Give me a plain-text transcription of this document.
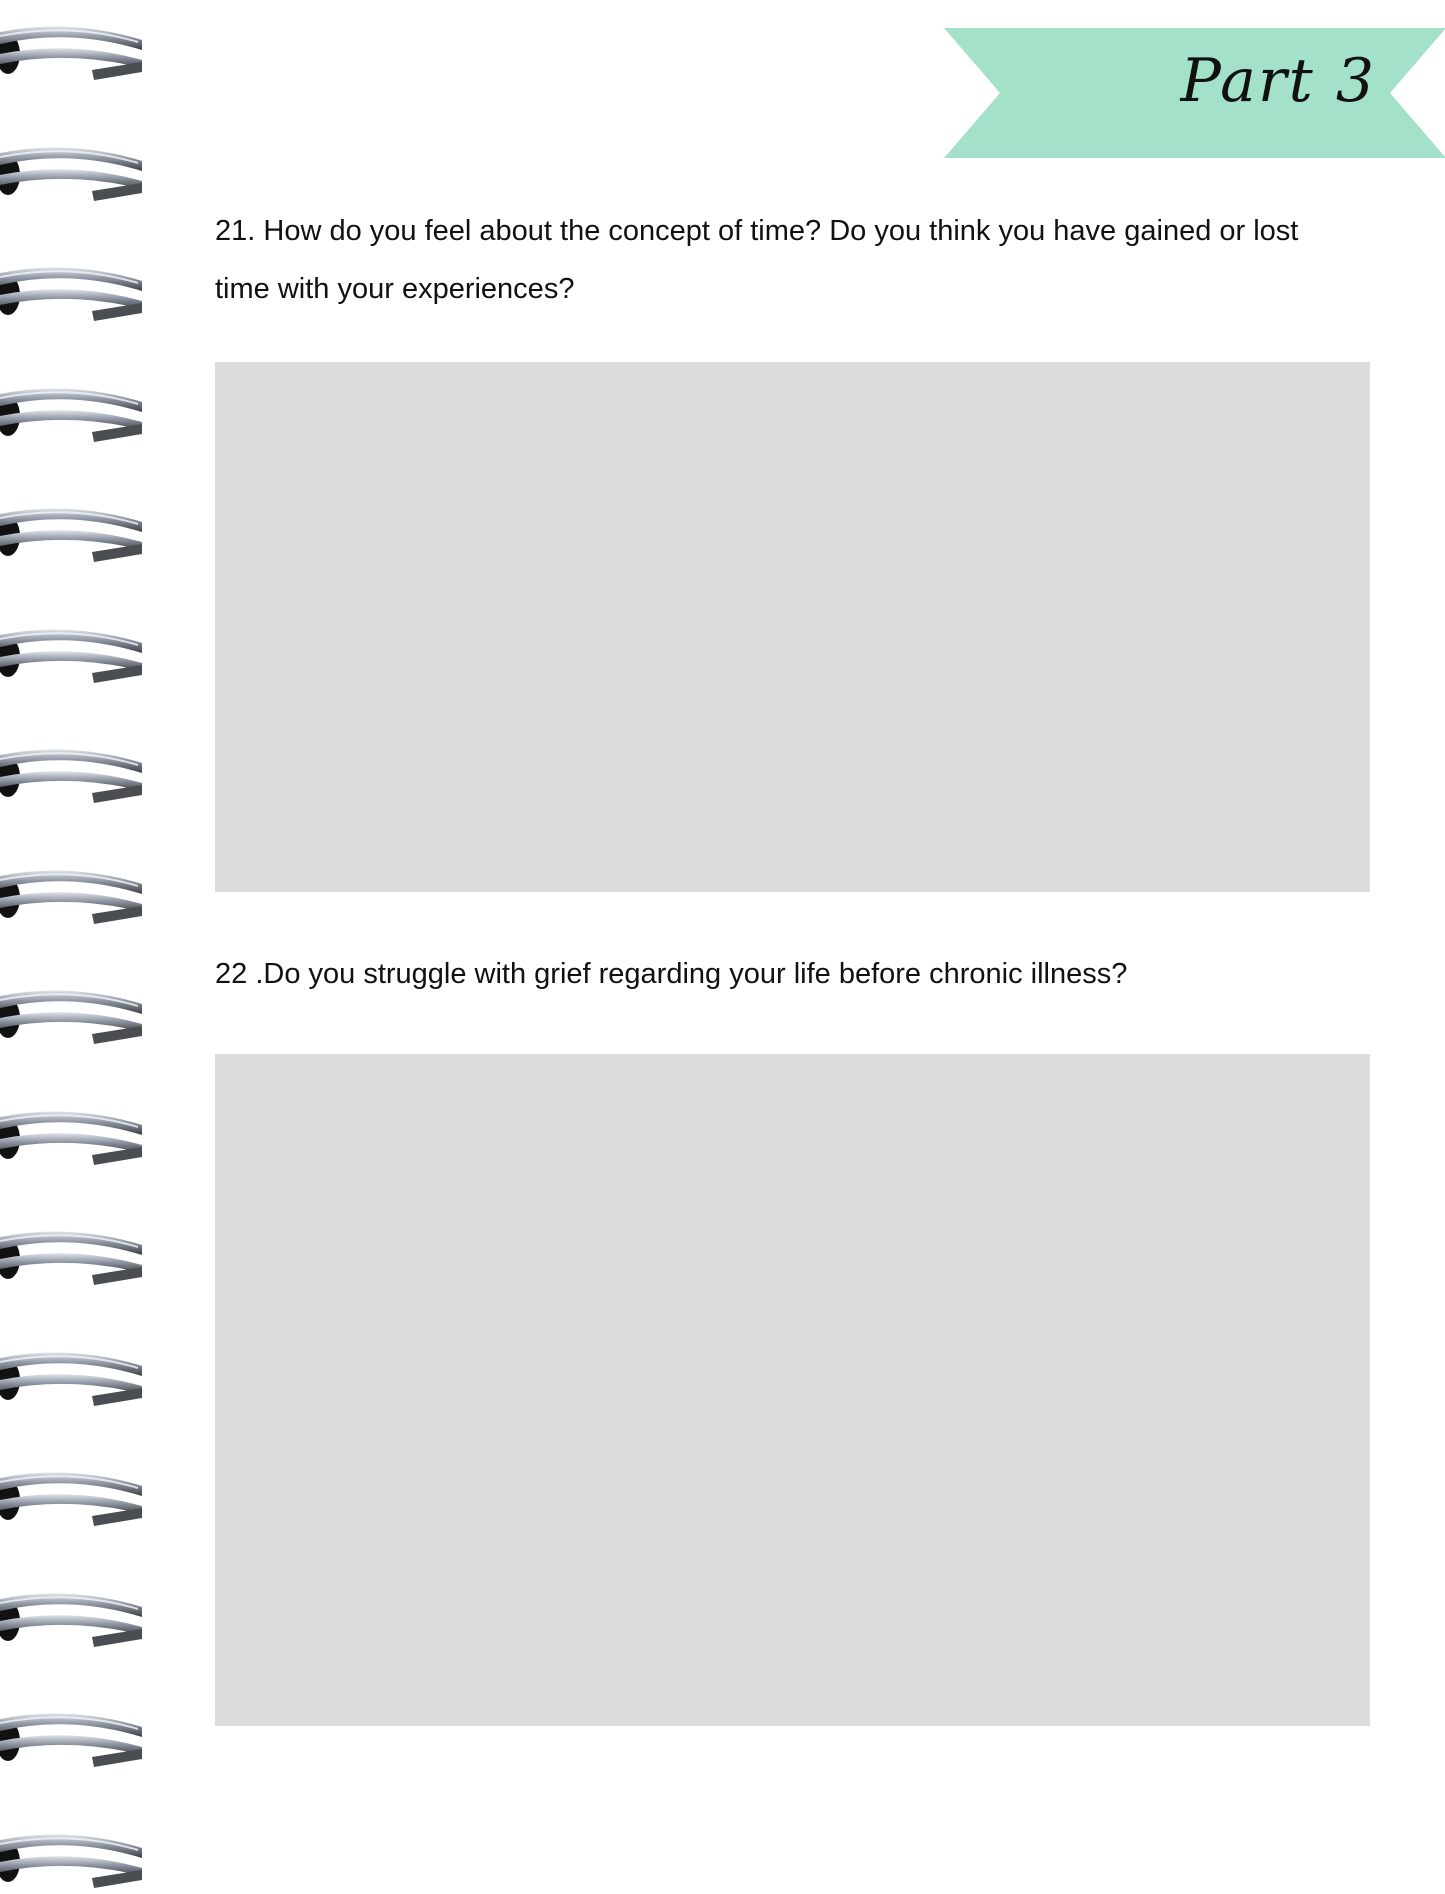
Part 3
21. How do you feel about the concept of time? Do you think you have gained or lost time with your experiences?
22 .Do you struggle with grief regarding your life before chronic illness?
